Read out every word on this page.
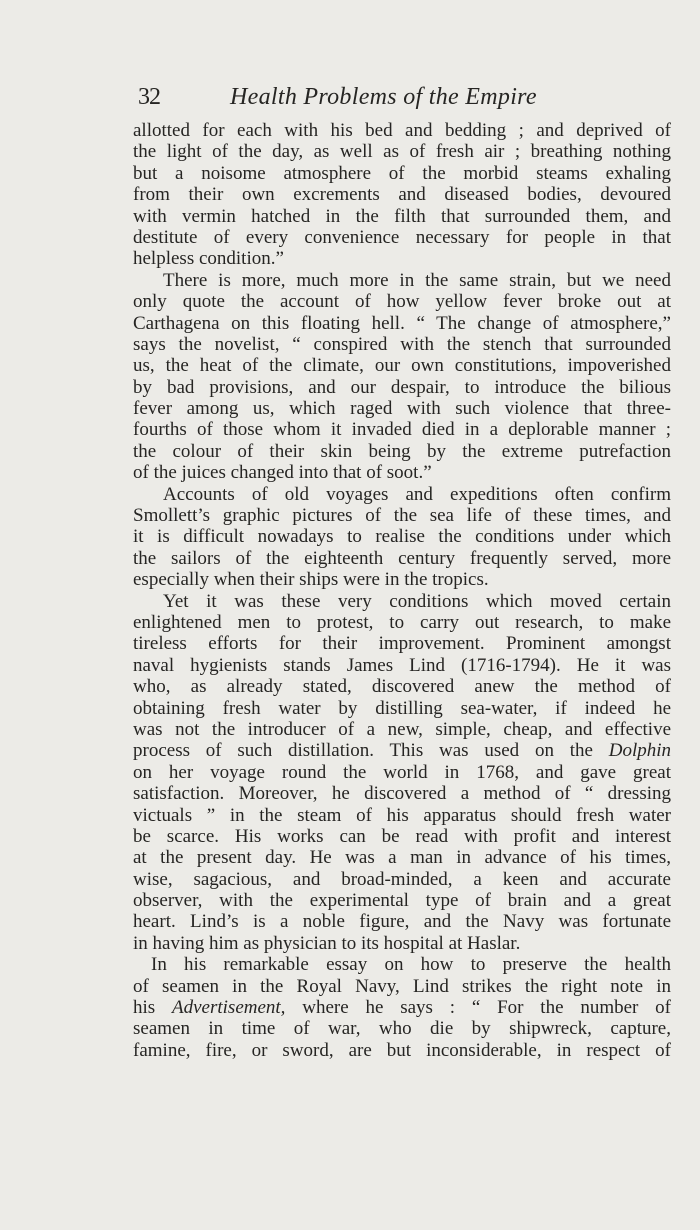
32	Health Problems of the Empire
allotted for each with his bed and bedding ; and deprived of
the light of the day, as well as of fresh air ; breathing nothing
but a noisome atmosphere of the morbid steams exhaling
from their own excrements and diseased bodies, devoured
with vermin hatched in the filth that surrounded them, and
destitute of every convenience necessary for people in that
helpless condition.”
There is more, much more in the same strain, but we need
only quote the account of how yellow fever broke out at
Carthagena on this floating hell. “ The change of atmosphere,”
says the novelist, “ conspired with the stench that surrounded
us, the heat of the climate, our own constitutions, impoverished
by bad provisions, and our despair, to introduce the bilious
fever among us, which raged with such violence that three-
fourths of those whom it invaded died in a deplorable manner ;
the colour of their skin being by the extreme putrefaction
of the juices changed into that of soot.”
Accounts of old voyages and expeditions often confirm
Smollett’s graphic pictures of the sea life of these times, and
it is difficult nowadays to realise the conditions under which
the sailors of the eighteenth century frequently served, more
especially when their ships were in the tropics.
Yet it was these very conditions which moved certain
enlightened men to protest, to carry out research, to make
tireless efforts for their improvement. Prominent amongst
naval hygienists stands James Lind (1716-1794). He it was
who, as already stated, discovered anew the method of
obtaining fresh water by distilling sea-water, if indeed he
was not the introducer of a new, simple, cheap, and effective
process of such distillation. This was used on the Dolphin
on her voyage round the world in 1768, and gave great
satisfaction. Moreover, he discovered a method of “ dressing
victuals ” in the steam of his apparatus should fresh water
be scarce. His works can be read with profit and interest
at the present day. He was a man in advance of his times,
wise, sagacious, and broad-minded, a keen and accurate
observer, with the experimental type of brain and a great
heart. Lind’s is a noble figure, and the Navy was fortunate
in having him as physician to its hospital at Haslar.
In his remarkable essay on how to preserve the health
of seamen in the Royal Navy, Lind strikes the right note in
his Advertisement, where he says : “ For the number of
seamen in time of war, who die by shipwreck, capture,
famine, fire, or sword, are but inconsiderable, in respect of
